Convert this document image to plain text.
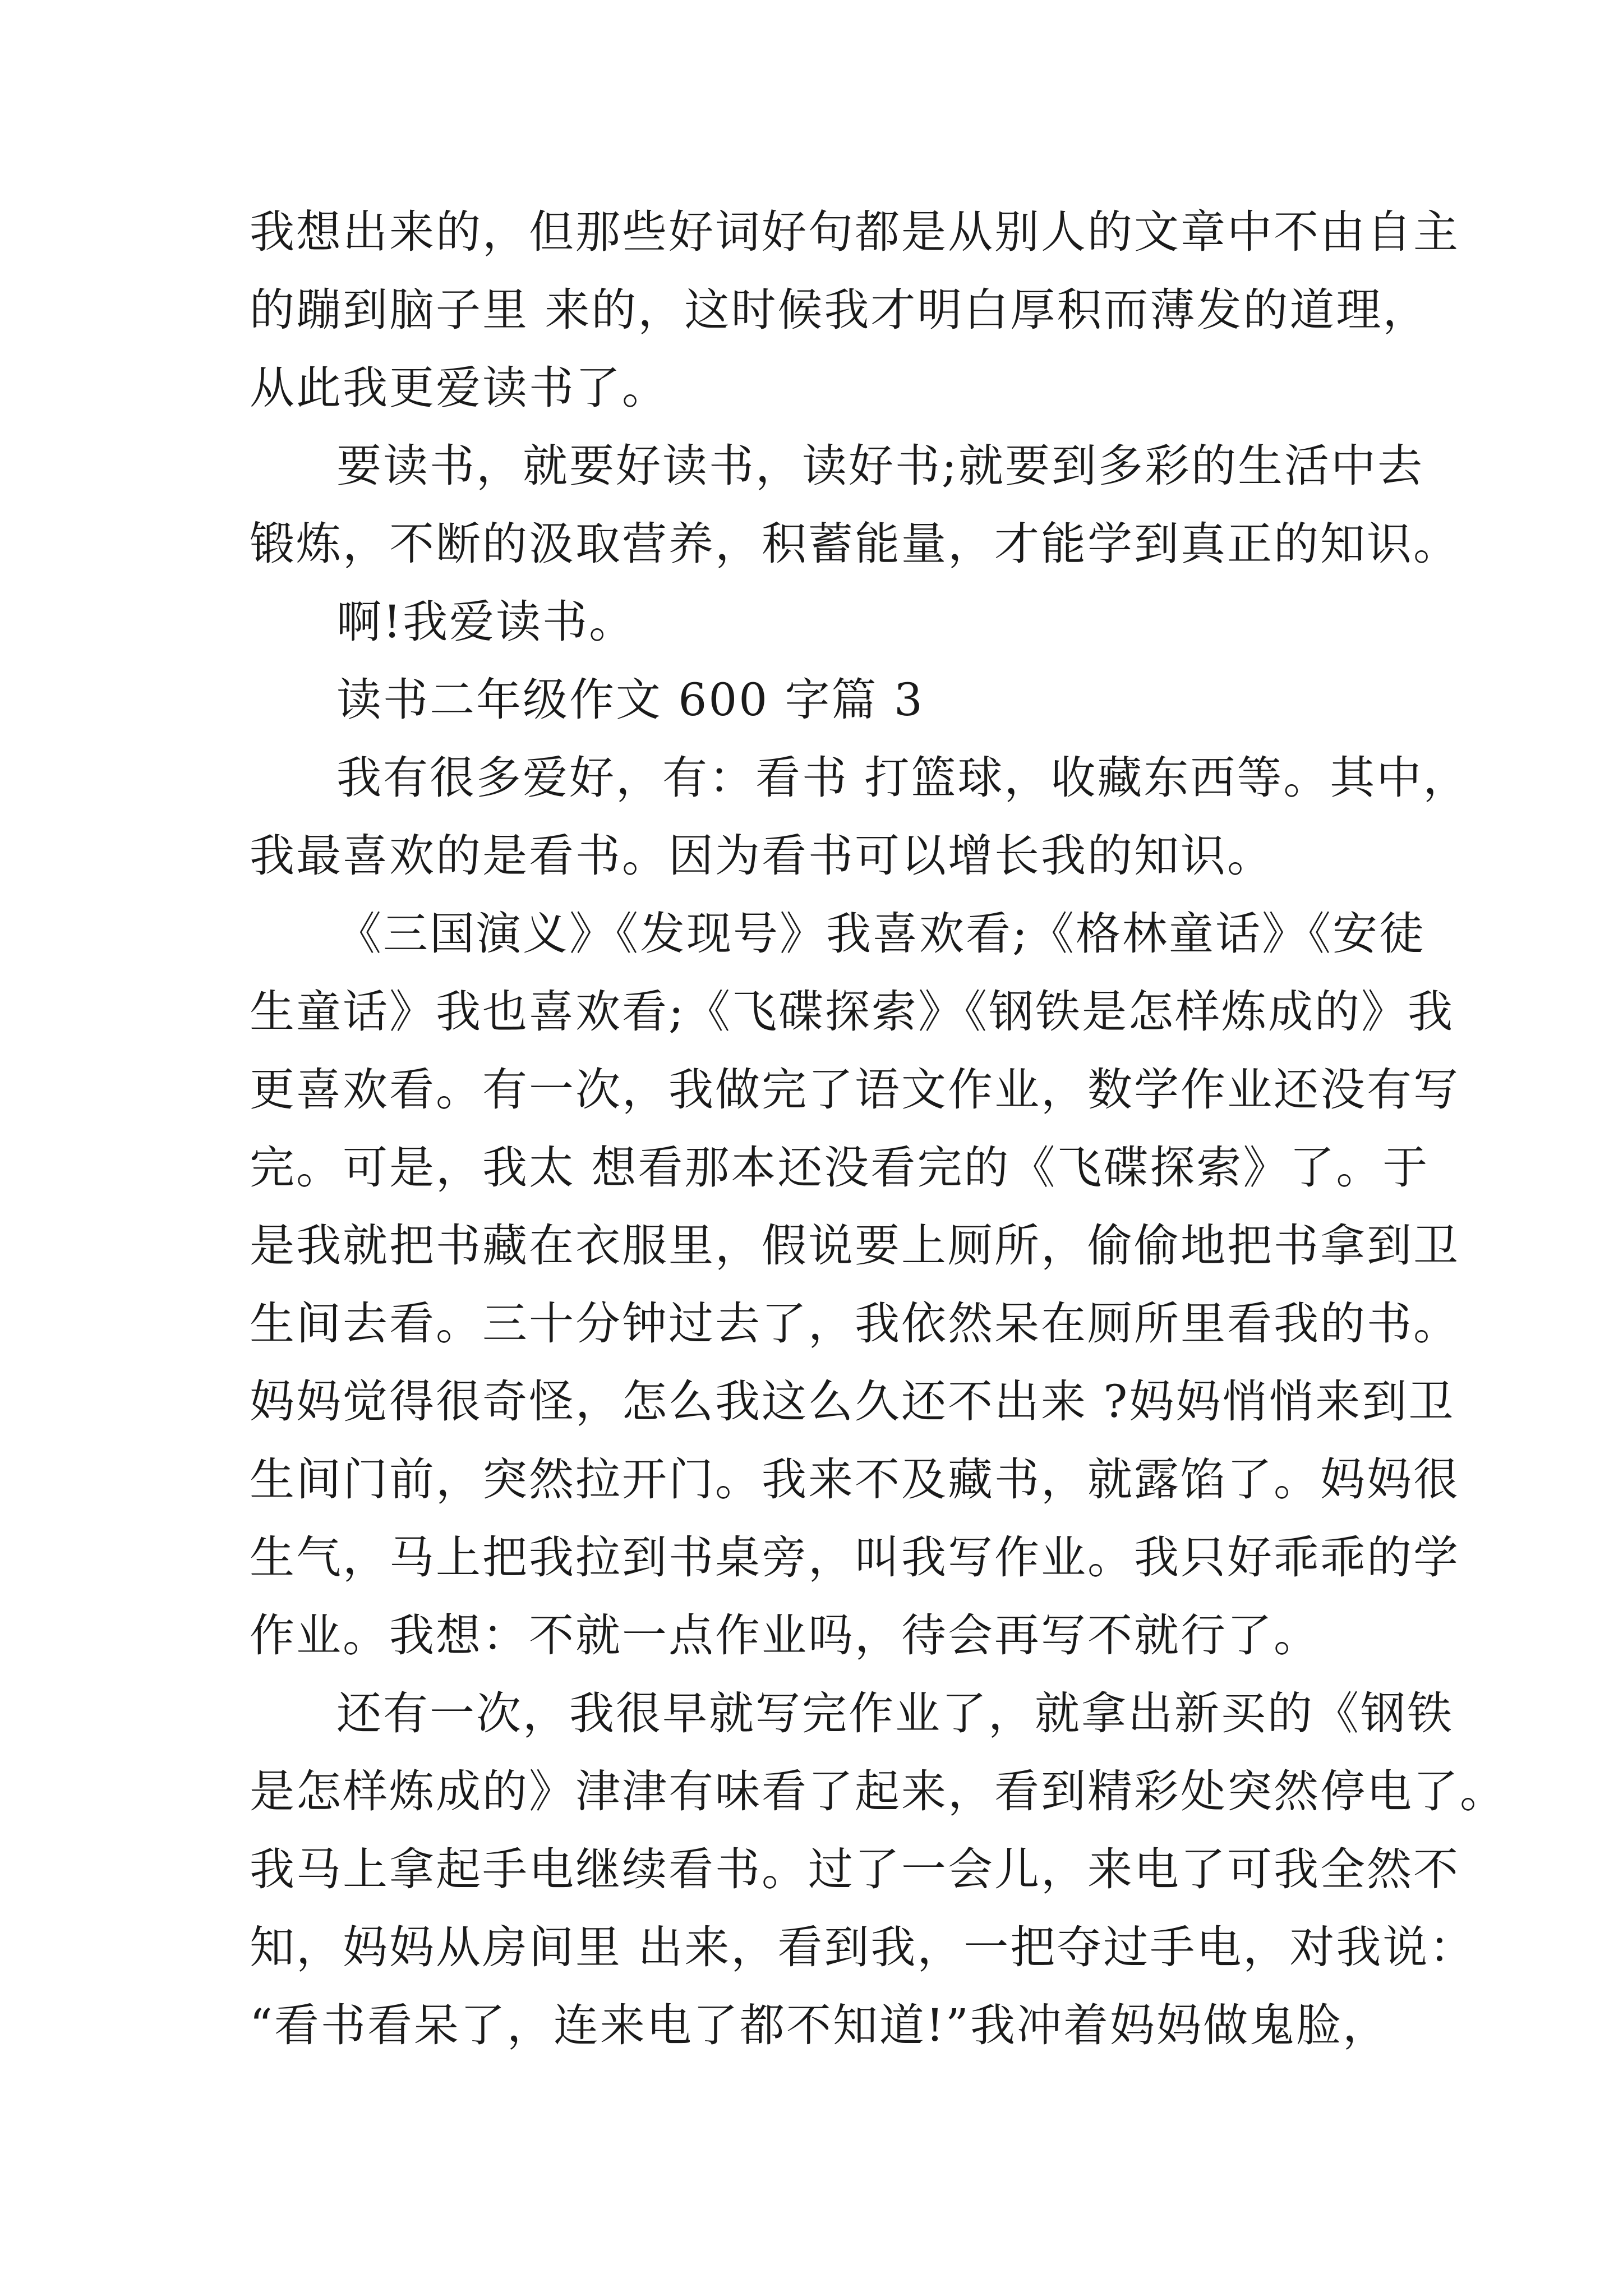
我想出来的，但那些好词好句都是从别人的文章中不由自主
的蹦到脑子里 来的，这时候我才明白厚积而薄发的道理，
从此我更爱读书了。
要读书，就要好读书，读好书;就要到多彩的生活中去
锻炼，不断的汲取营养，积蓄能量，才能学到真正的知识。
啊!我爱读书。
读书二年级作文 600 字篇 3
我有很多爱好，有：看书 打篮球，收藏东西等。其中，
我最喜欢的是看书。因为看书可以增长我的知识。
《三国演义》《发现号》我喜欢看;《格林童话》《安徒
生童话》我也喜欢看;《飞碟探索》《钢铁是怎样炼成的》我
更喜欢看。有一次，我做完了语文作业，数学作业还没有写
完。可是，我太 想看那本还没看完的《飞碟探索》了。于
是我就把书藏在衣服里，假说要上厕所，偷偷地把书拿到卫
生间去看。三十分钟过去了，我依然呆在厕所里看我的书。
妈妈觉得很奇怪，怎么我这么久还不出来 ?妈妈悄悄来到卫
生间门前，突然拉开门。我来不及藏书，就露馅了。妈妈很
生气，马上把我拉到书桌旁，叫我写作业。我只好乖乖的学
作业。我想：不就一点作业吗，待会再写不就行了。
还有一次，我很早就写完作业了，就拿出新买的《钢铁
是怎样炼成的》津津有味看了起来，看到精彩处突然停电了。
我马上拿起手电继续看书。过了一会儿，来电了可我全然不
知，妈妈从房间里 出来，看到我，一把夺过手电，对我说：
“看书看呆了，连来电了都不知道!”我冲着妈妈做鬼脸，
